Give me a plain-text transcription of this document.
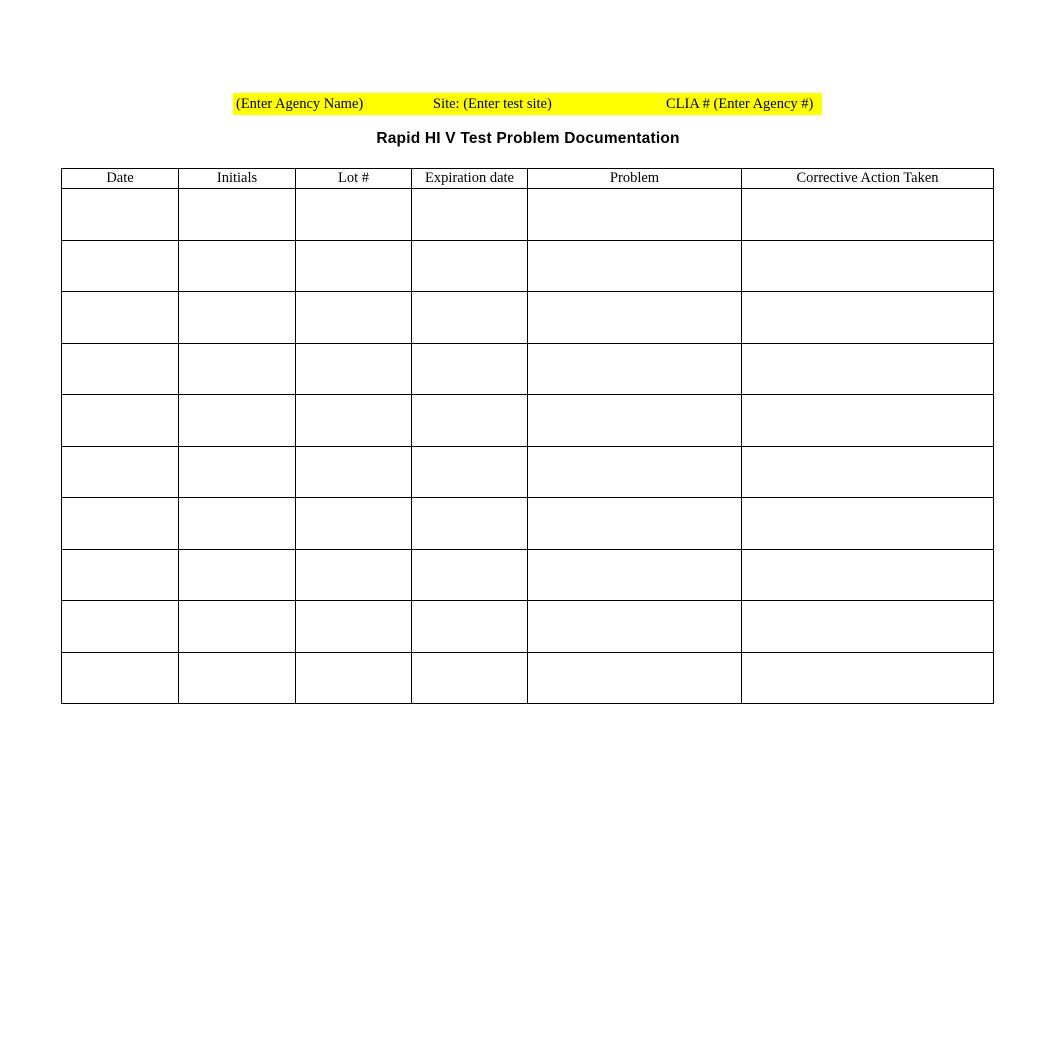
(Enter Agency Name)	Site: (Enter test site)	CLIA # (Enter Agency #)
Rapid HI V Test Problem Documentation
Date	Initials	Lot #	Expiration date	Problem	Corrective Action Taken
